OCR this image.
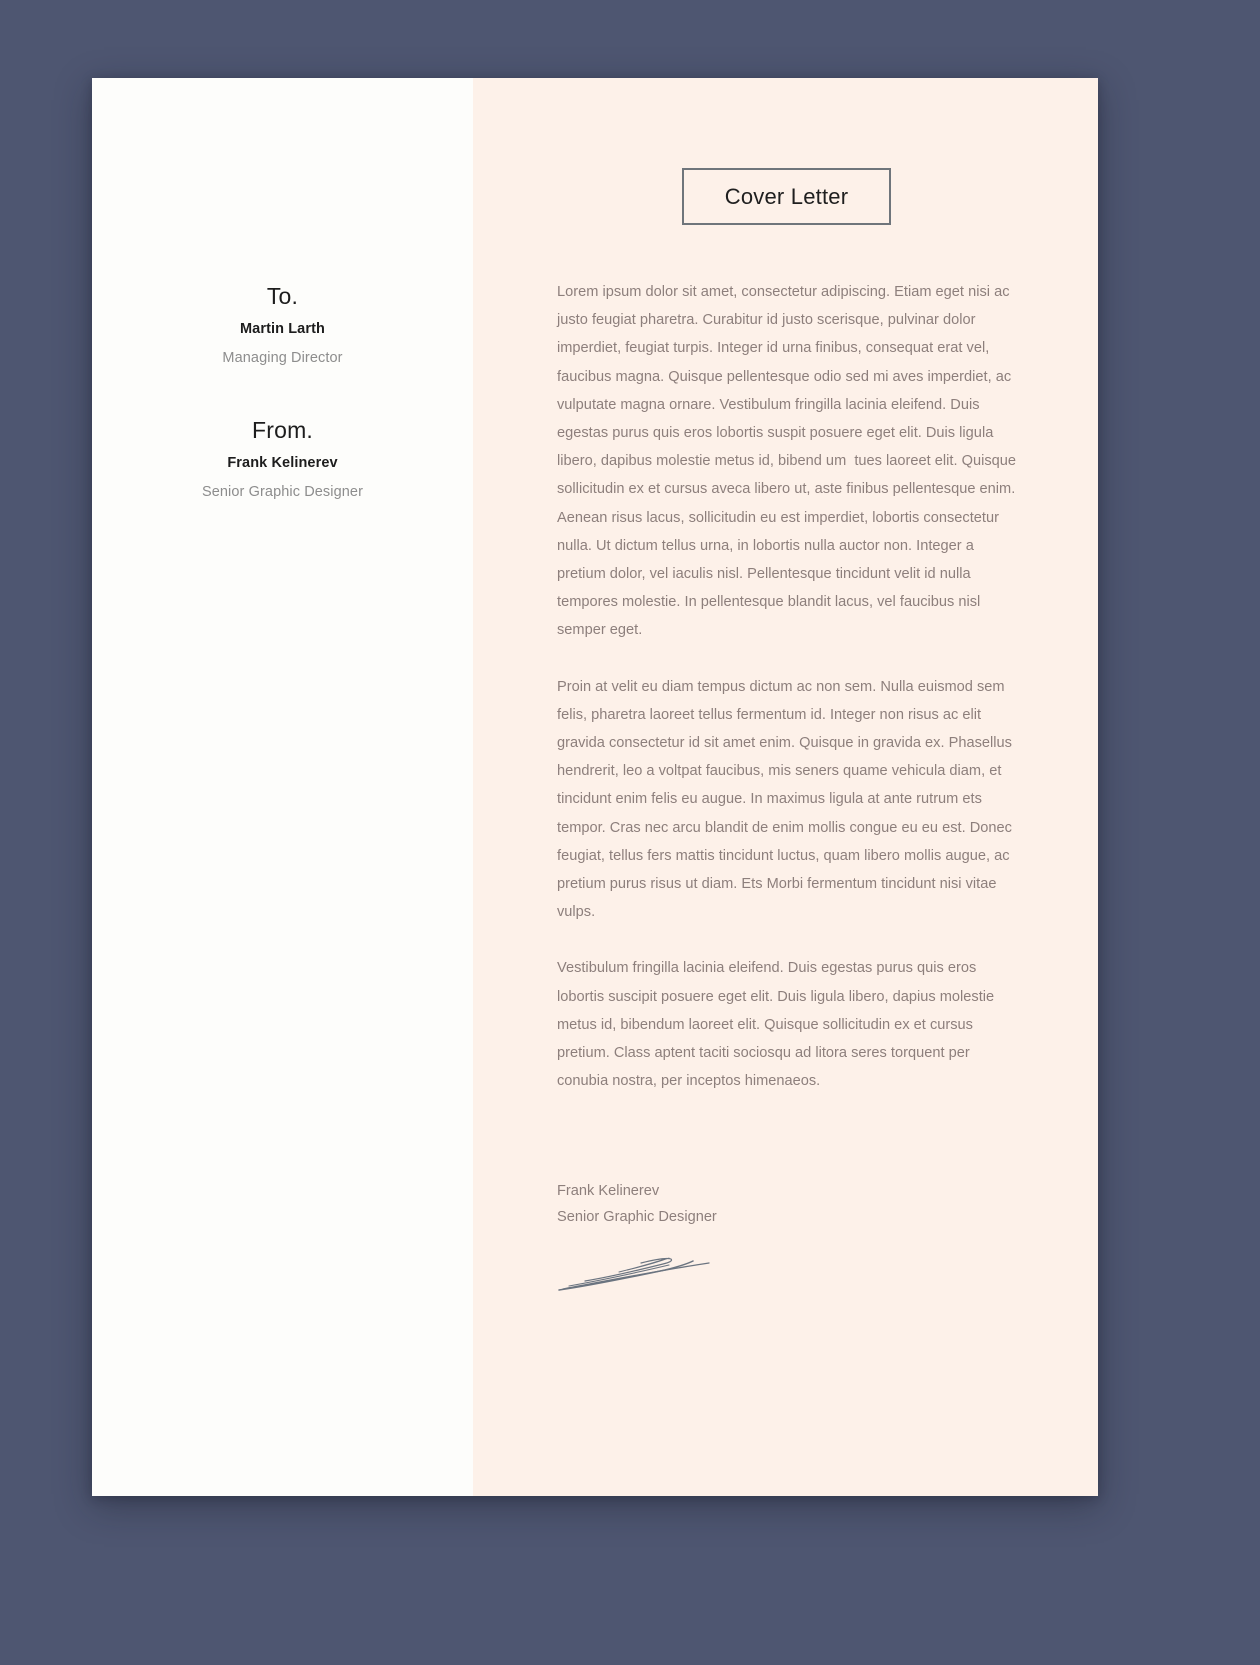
To.
Martin Larth
Managing Director
From.
Frank Kelinerev
Senior Graphic Designer
Cover Letter

Lorem ipsum dolor sit amet, consectetur adipiscing. Etiam eget nisi ac justo feugiat pharetra. Curabitur id justo scerisque, pulvinar dolor imperdiet, feugiat turpis. Integer id urna finibus, consequat erat vel, faucibus magna. Quisque pellentesque odio sed mi aves imperdiet, ac vulputate magna ornare. Vestibulum fringilla lacinia eleifend. Duis egestas purus quis eros lobortis suspit posuere eget elit. Duis ligula libero, dapibus molestie metus id, bibend um  tues laoreet elit. Quisque sollicitudin ex et cursus aveca libero ut, aste finibus pellentesque enim. Aenean risus lacus, sollicitudin eu est imperdiet, lobortis consectetur nulla. Ut dictum tellus urna, in lobortis nulla auctor non. Integer a pretium dolor, vel iaculis nisl. Pellentesque tincidunt velit id nulla tempores molestie. In pellentesque blandit lacus, vel faucibus nisl semper eget.

Proin at velit eu diam tempus dictum ac non sem. Nulla euismod sem felis, pharetra laoreet tellus fermentum id. Integer non risus ac elit gravida consectetur id sit amet enim. Quisque in gravida ex. Phasellus hendrerit, leo a voltpat faucibus, mis seners quame vehicula diam, et tincidunt enim felis eu augue. In maximus ligula at ante rutrum ets tempor. Cras nec arcu blandit de enim mollis congue eu eu est. Donec feugiat, tellus fers mattis tincidunt luctus, quam libero mollis augue, ac pretium purus risus ut diam. Ets Morbi fermentum tincidunt nisi vitae vulps.

Vestibulum fringilla lacinia eleifend. Duis egestas purus quis eros lobortis suscipit posuere eget elit. Duis ligula libero, dapius molestie metus id, bibendum laoreet elit. Quisque sollicitudin ex et cursus pretium. Class aptent taciti sociosqu ad litora seres torquent per conubia nostra, per inceptos himenaeos.

Frank Kelinerev

Senior Graphic Designer
